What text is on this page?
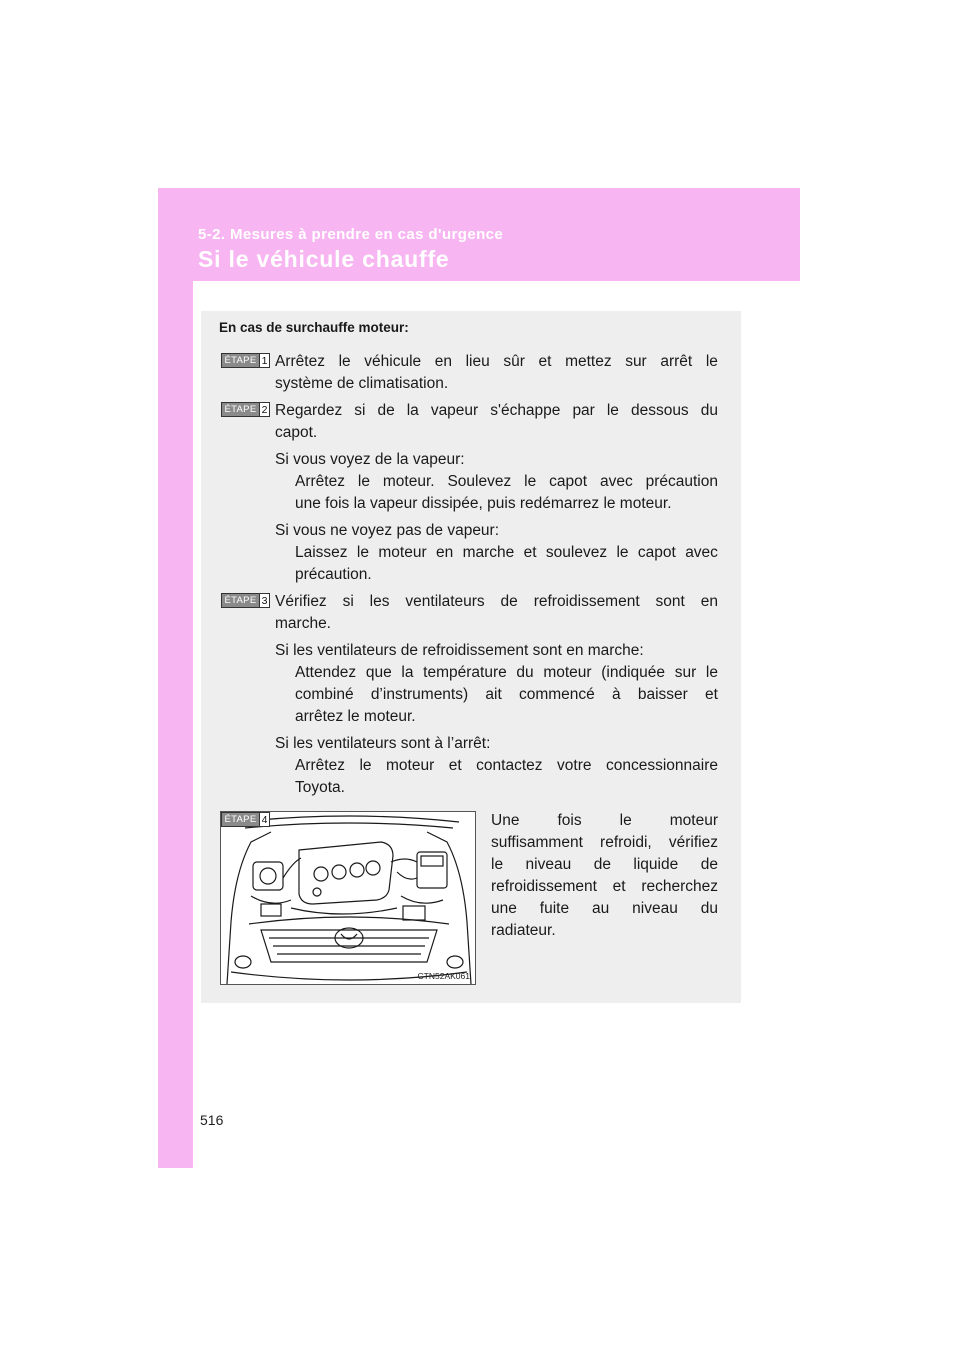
5-2. Mesures à prendre en cas d'urgence
Si le véhicule chauffe
En cas de surchauffe moteur:
ÉTAPE 1 Arrêtez le véhicule en lieu sûr et mettez sur arrêt le
système de climatisation.
ÉTAPE 2 Regardez si de la vapeur s'échappe par le dessous du
capot.
Si vous voyez de la vapeur:
Arrêtez le moteur. Soulevez le capot avec précaution
une fois la vapeur dissipée, puis redémarrez le moteur.
Si vous ne voyez pas de vapeur:
Laissez le moteur en marche et soulevez le capot avec
précaution.
ÉTAPE 3 Vérifiez si les ventilateurs de refroidissement sont en
marche.
Si les ventilateurs de refroidissement sont en marche:
Attendez que la température du moteur (indiquée sur le
combiné d’instruments) ait commencé à baisser et
arrêtez le moteur.
Si les ventilateurs sont à l’arrêt:
Arrêtez le moteur et contactez votre concessionnaire
Toyota.
Une fois le moteur
suffisamment refroidi, vérifiez
le niveau de liquide de
refroidissement et recherchez
une fuite au niveau du
radiateur.
ÉTAPE 4
CTN52AK061
516
